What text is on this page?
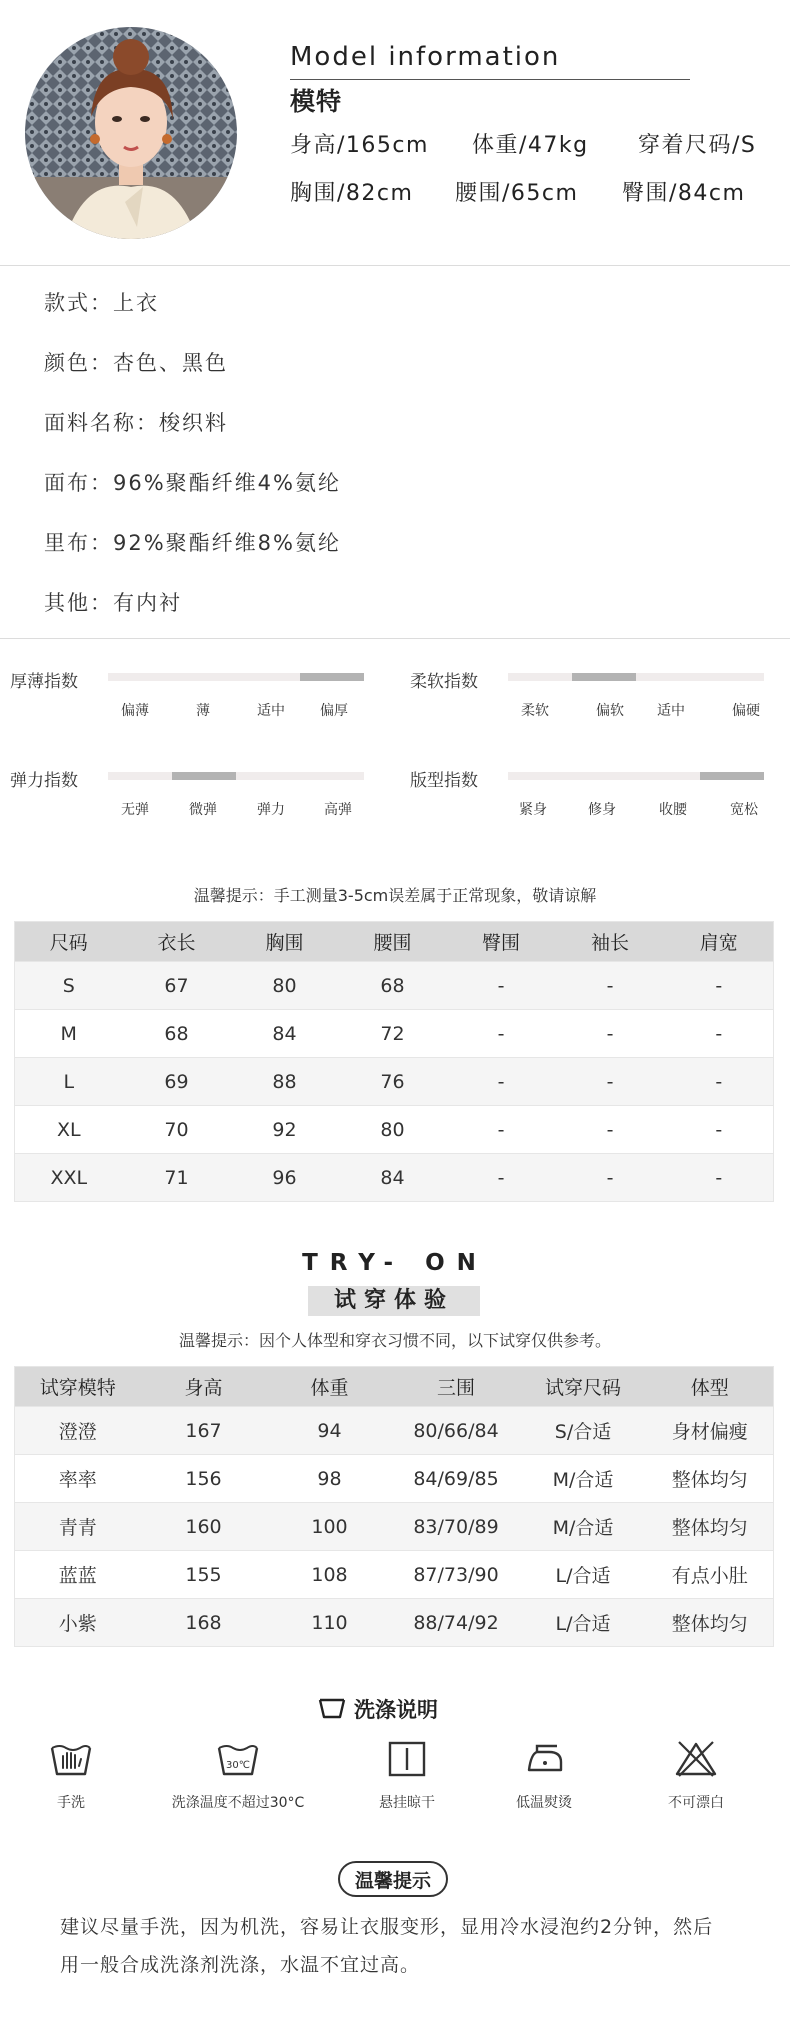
Model information
模特
身高/165cm 体重/47kg 穿着尺码/S
胸围/82cm 腰围/65cm 臀围/84cm
款式：上衣
颜色：杏色、黑色
面料名称：梭织料
面布：96%聚酯纤维4%氨纶
里布：92%聚酯纤维8%氨纶
其他：有内衬
厚薄指数
偏薄	薄	适中	偏厚
柔软指数
柔软	偏软 适中	偏硬
弹力指数
无弹	微弹	弹力	高弹
版型指数
紧身	修身	收腰	宽松
温馨提示：手工测量3-5cm误差属于正常现象，敬请谅解
尺码	衣长	胸围	腰围	臀围	袖长	肩宽
S	67	80	68	-	-	-
M	68	84	72	-	-	-
L	69	88	76	-	-	-
XL	70	92	80	-	-	-
XXL	71	96	84	-	-	-
TRY- ON
试穿体验
温馨提示：因个人体型和穿衣习惯不同，以下试穿仅供参考。
试穿模特	身高	体重	三围	试穿尺码	体型
澄澄	167	94	80/66/84	S/合适	身材偏瘦
率率	156	98	84/69/85	M/合适	整体均匀
青青	160	100	83/70/89	M/合适	整体均匀
蓝蓝	155	108	87/73/90	L/合适	有点小肚
小紫	168	110	88/74/92	L/合适	整体均匀
洗涤说明
手洗
30℃
洗涤温度不超过30°C	悬挂晾干	低温熨烫	不可漂白
温馨提示
建议尽量手洗，因为机洗，容易让衣服变形，显用冷水浸泡约2分钟，然后
用一般合成洗涤剂洗涤，水温不宜过高。
